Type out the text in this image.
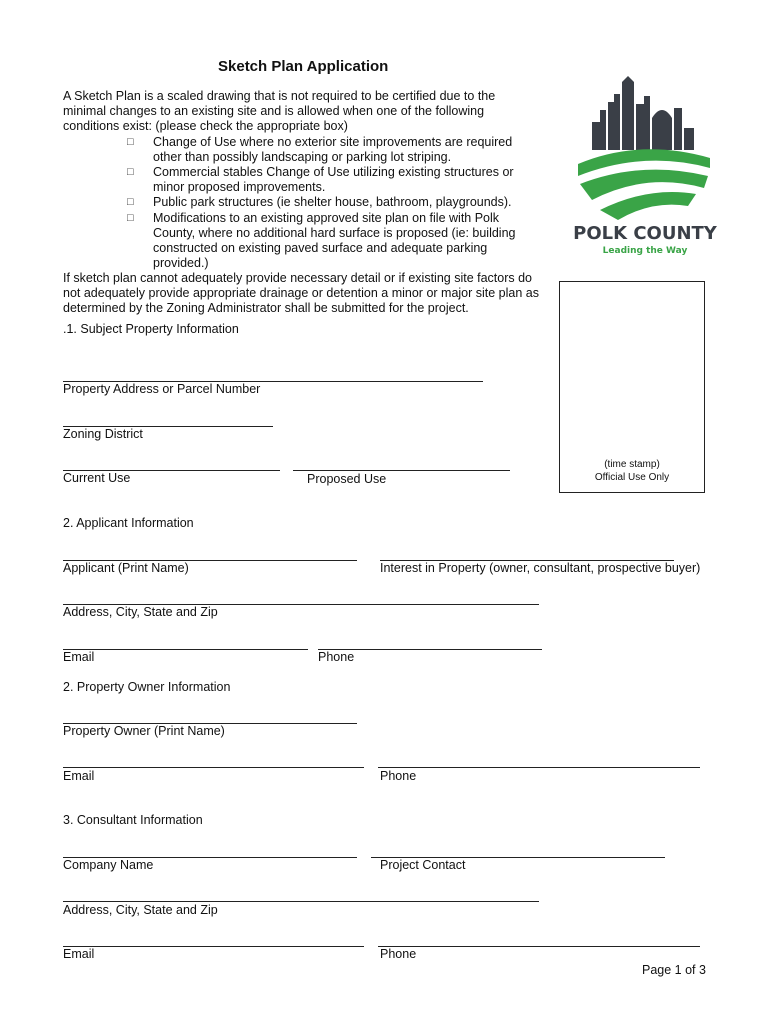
Sketch Plan Application
A Sketch Plan is a scaled drawing that is not required to be certified due to the minimal changes to an existing site and is allowed when one of the following conditions exist: (please check the appropriate box)
□ Change of Use where no exterior site improvements are required other than possibly landscaping or parking lot striping.
□ Commercial stables Change of Use utilizing existing structures or minor proposed improvements.
□ Public park structures (ie shelter house, bathroom, playgrounds).
□ Modifications to an existing approved site plan on file with Polk County, where no additional hard surface is proposed (ie: building constructed on existing paved surface and adequate parking provided.)
If sketch plan cannot adequately provide necessary detail or if existing site factors do not adequately provide appropriate drainage or detention a minor or major site plan as determined by the Zoning Administrator shall be submitted for the project.
POLK COUNTY
Leading the Way
(time stamp)
Official Use Only
.1. Subject Property Information
Property Address or Parcel Number
Zoning District
Current Use	Proposed Use
2. Applicant Information
Applicant (Print Name)	Interest in Property (owner, consultant, prospective buyer)
Address, City, State and Zip
Email	Phone
2. Property Owner Information
Property Owner (Print Name)
Email	Phone
3. Consultant Information
Company Name	Project Contact
Address, City, State and Zip
Email	Phone
Page 1 of 3
